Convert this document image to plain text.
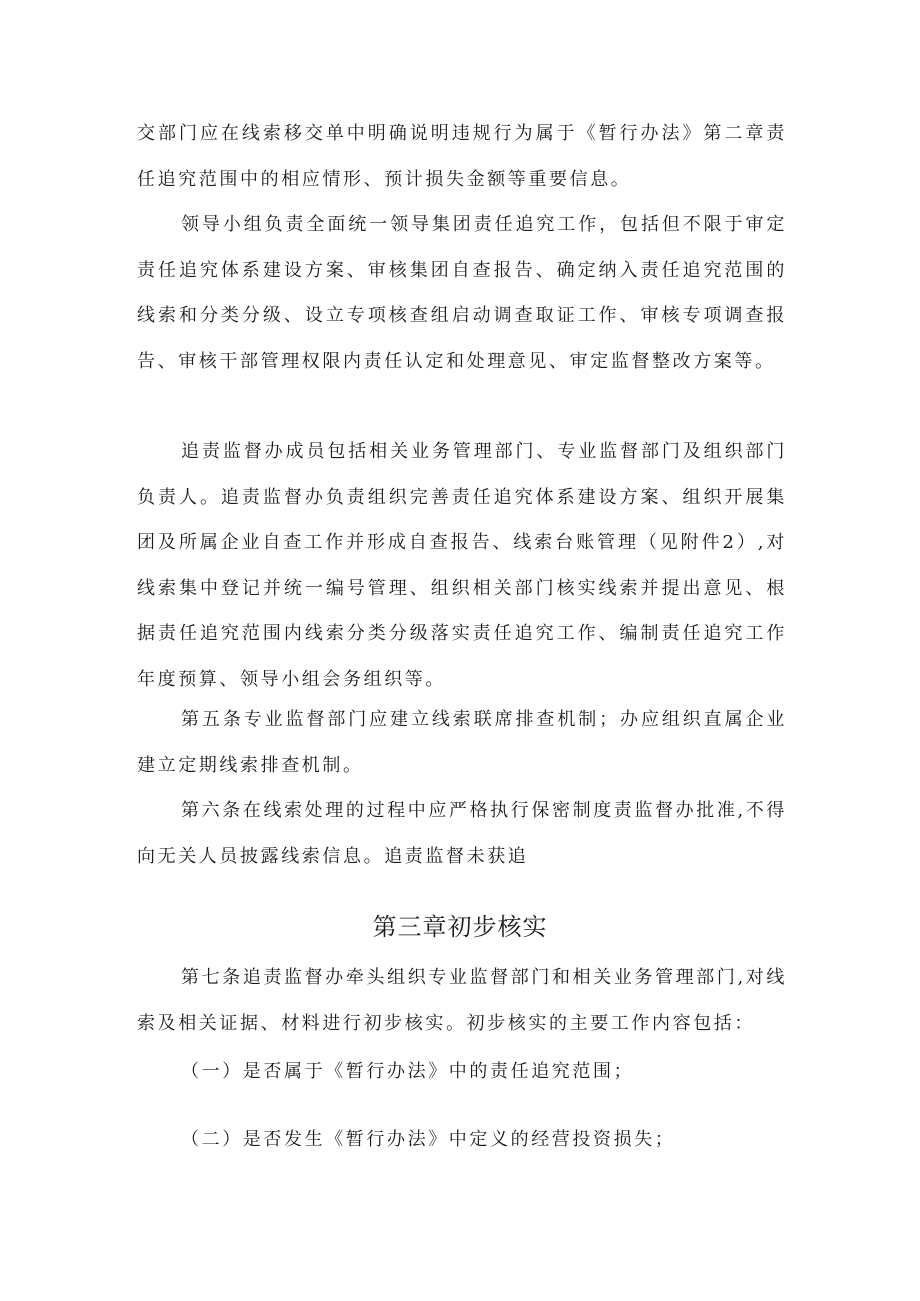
交部门应在线索移交单中明确说明违规行为属于《暂行办法》第二章责任追究范围中的相应情形、预计损失金额等重要信息。

领导小组负责全面统一领导集团责任追究工作，包括但不限于审定责任追究体系建设方案、审核集团自查报告、确定纳入责任追究范围的线索和分类分级、设立专项核查组启动调查取证工作、审核专项调查报告、审核干部管理权限内责任认定和处理意见、审定监督整改方案等。

追责监督办成员包括相关业务管理部门、专业监督部门及组织部门负责人。追责监督办负责组织完善责任追究体系建设方案、组织开展集团及所属企业自查工作并形成自查报告、线索台账管理（见附件2）,对线索集中登记并统一编号管理、组织相关部门核实线索并提出意见、根据责任追究范围内线索分类分级落实责任追究工作、编制责任追究工作年度预算、领导小组会务组织等。

第五条专业监督部门应建立线索联席排查机制；办应组织直属企业建立定期线索排查机制。

第六条在线索处理的过程中应严格执行保密制度责监督办批准,不得向无关人员披露线索信息。追责监督未获追

第三章初步核实

第七条追责监督办牵头组织专业监督部门和相关业务管理部门,对线索及相关证据、材料进行初步核实。初步核实的主要工作内容包括：

（一）是否属于《暂行办法》中的责任追究范围；

（二）是否发生《暂行办法》中定义的经营投资损失；
